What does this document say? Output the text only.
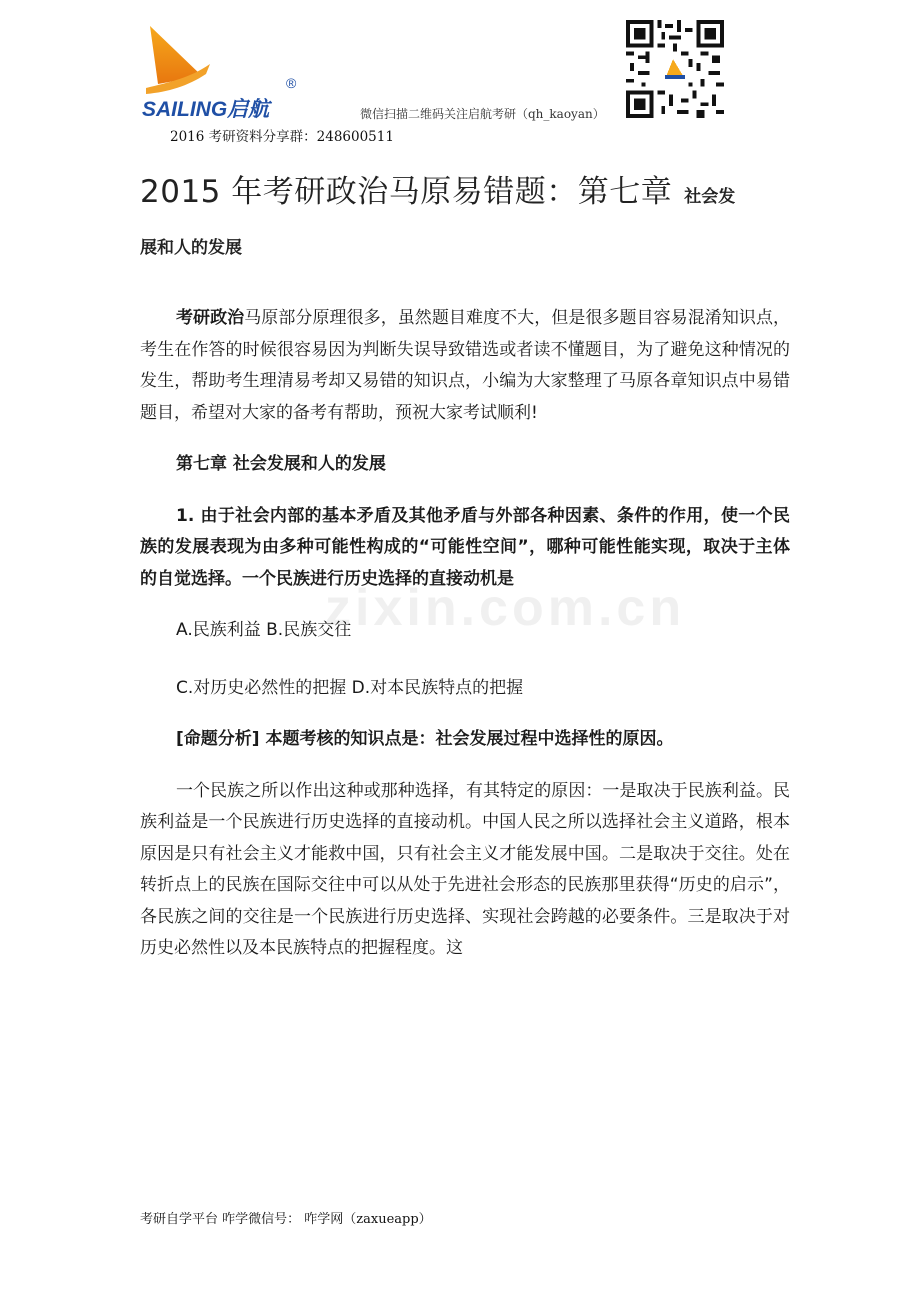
SAILING启航
®
微信扫描二维码关注启航考研（qh_kaoyan）
2016 考研资料分享群：248600511
2015 年考研政治马原易错题：第七章 社会发
展和人的发展
zixin.com.cn

考研政治马原部分原理很多，虽然题目难度不大，但是很多题目容易混淆知识点，考生在作答的时候很容易因为判断失误导致错选或者读不懂题目，为了避免这种情况的发生，帮助考生理清易考却又易错的知识点，小编为大家整理了马原各章知识点中易错题目，希望对大家的备考有帮助，预祝大家考试顺利!

第七章 社会发展和人的发展

1. 由于社会内部的基本矛盾及其他矛盾与外部各种因素、条件的作用，使一个民族的发展表现为由多种可能性构成的“可能性空间”，哪种可能性能实现，取决于主体的自觉选择。一个民族进行历史选择的直接动机是

A.民族利益 B.民族交往

C.对历史必然性的把握 D.对本民族特点的把握

[命题分析] 本题考核的知识点是：社会发展过程中选择性的原因。

一个民族之所以作出这种或那种选择，有其特定的原因：一是取决于民族利益。民族利益是一个民族进行历史选择的直接动机。中国人民之所以选择社会主义道路，根本原因是只有社会主义才能救中国，只有社会主义才能发展中国。二是取决于交往。处在转折点上的民族在国际交往中可以从处于先进社会形态的民族那里获得“历史的启示”，各民族之间的交往是一个民族进行历史选择、实现社会跨越的必要条件。三是取决于对历史必然性以及本民族特点的把握程度。这

考研自学平台 咋学微信号： 咋学网（zaxueapp）
